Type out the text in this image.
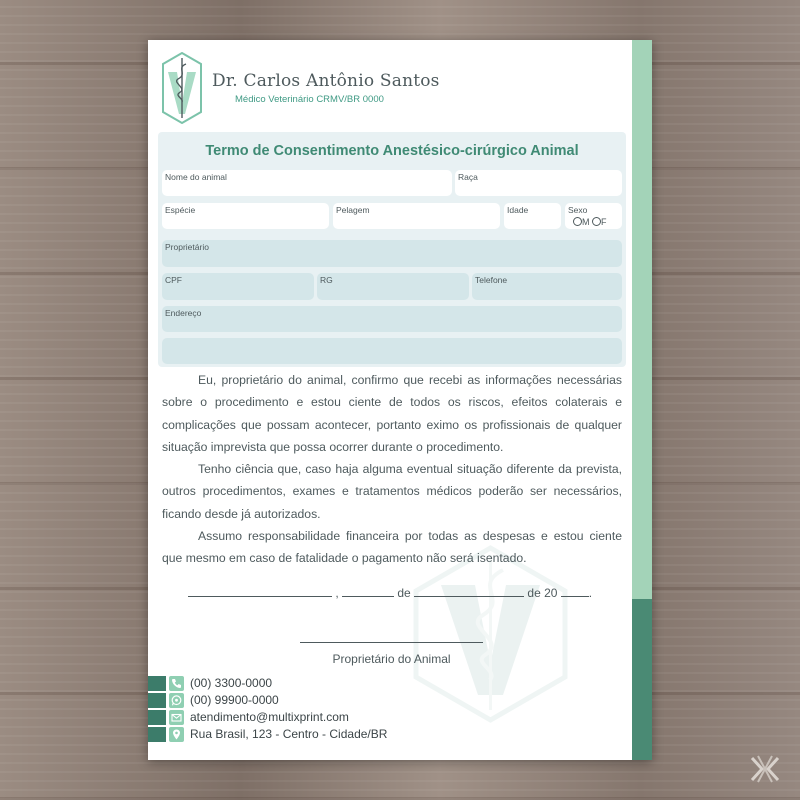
Dr. Carlos Antônio Santos
Médico Veterinário CRMV/BR 0000
Termo de Consentimento Anestésico-cirúrgico Animal
Nome do animal	Raça
Espécie	Pelagem	Idade	Sexo
M F
Proprietário
CPF	RG	Telefone
Endereço

Eu, proprietário do animal, confirmo que recebi as informações necessárias sobre o procedimento e estou ciente de todos os riscos, efeitos colaterais e complicações que possam acontecer, portanto eximo os profissionais de qualquer situação imprevista que possa ocorrer durante o procedimento.

Tenho ciência que, caso haja alguma eventual situação diferente da prevista, outros procedimentos, exames e tratamentos médicos poderão ser necessários, ficando desde já autorizados.

Assumo responsabilidade financeira por todas as despesas e estou ciente que mesmo em caso de fatalidade o pagamento não será isentado.

,	de	de 20	.
Proprietário do Animal
(00) 3300-0000
(00) 99900-0000
atendimento@multixprint.com
Rua Brasil, 123 - Centro - Cidade/BR
